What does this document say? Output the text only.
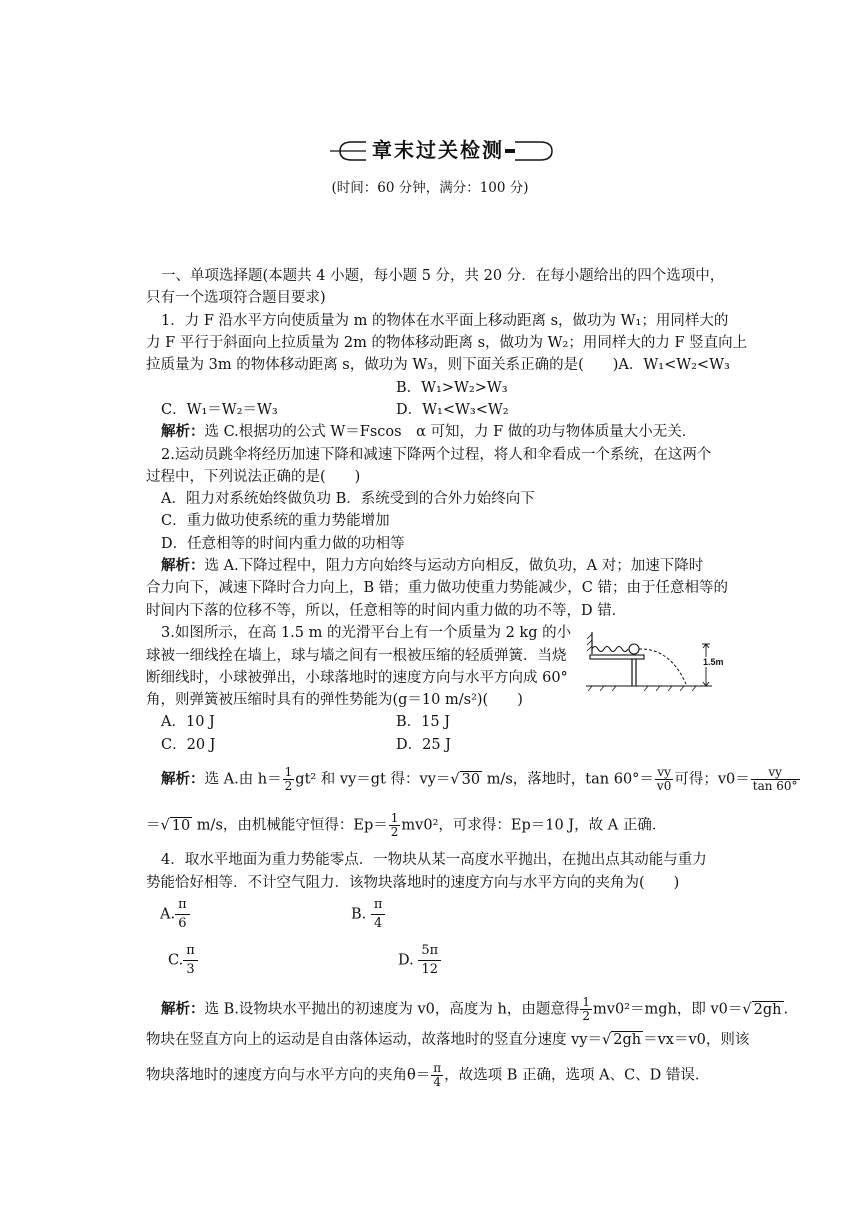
章末过关检测
(时间：60 分钟，满分：100 分)
一、单项选择题(本题共 4 小题，每小题 5 分，共 20 分．在每小题给出的四个选项中，
只有一个选项符合题目要求)
1．力 F 沿水平方向使质量为 m 的物体在水平面上移动距离 s，做功为 W₁；用同样大的
力 F 平行于斜面向上拉质量为 2m 的物体移动距离 s，做功为 W₂；用同样大的力 F 竖直向上
拉质量为 3m 的物体移动距离 s，做功为 W₃，则下面关系正确的是(　　)A．W₁<W₂<W₃
B．W₁>W₂>W₃
C．W₁＝W₂＝W₃	D．W₁<W₃<W₂
解析：选 C.根据功的公式 W＝Fscos　α 可知，力 F 做的功与物体质量大小无关．
2.运动员跳伞将经历加速下降和减速下降两个过程，将人和伞看成一个系统，在这两个
过程中，下列说法正确的是(　　)
A．阻力对系统始终做负功 B．系统受到的合外力始终向下
C．重力做功使系统的重力势能增加
D．任意相等的时间内重力做的功相等
解析：选 A.下降过程中，阻力方向始终与运动方向相反，做负功，A 对；加速下降时
合力向下，减速下降时合力向上，B 错；重力做功使重力势能减少，C 错；由于任意相等的
时间内下落的位移不等，所以，任意相等的时间内重力做的功不等，D 错．
3.如图所示，在高 1.5 m 的光滑平台上有一个质量为 2 kg 的小
球被一细线拴在墙上，球与墙之间有一根被压缩的轻质弹簧．当烧
断细线时，小球被弹出，小球落地时的速度方向与水平方向成 60°
角，则弹簧被压缩时具有的弹性势能为(g＝10 m/s²)(　　)
1.5m
A．10 J	B．15 J
C．20 J	D．25 J
解析：选 A.由 $h= \frac{1}{2} gt^2$ 和 vy＝gt 得：vy＝√ 30 m/s，落地时，$\tan 60^\circ= \frac{vy}{v0}$ 可得；$v0= \frac{vy}{\tan 60^\circ}$
＝√ 10 m/s，由机械能守恒得：$Ep= \frac{1}{2} mv0^2$，可求得：Ep＝10 J，故 A 正确．
4．取水平地面为重力势能零点．一物块从某一高度水平抛出，在抛出点其动能与重力
势能恰好相等．不计空气阻力．该物块落地时的速度方向与水平方向的夹角为(　　)
A. $\frac{\pi}{6}$	B. $\frac{\pi}{4}$
C. $\frac{\pi}{3}$	D. $\frac{5\pi}{12}$
解析：选 B.设物块水平抛出的初速度为 v0，高度为 h，由题意得 $\frac{1}{2} mv0^2=mgh$，即 v0＝√ 2gh .
物块在竖直方向上的运动是自由落体运动，故落地时的竖直分速度 vy＝√ 2gh ＝vx＝v0，则该
物块落地时的速度方向与水平方向的夹角$\theta= \frac{\pi}{4}$ ，故选项 B 正确，选项 A、C、D 错误．
